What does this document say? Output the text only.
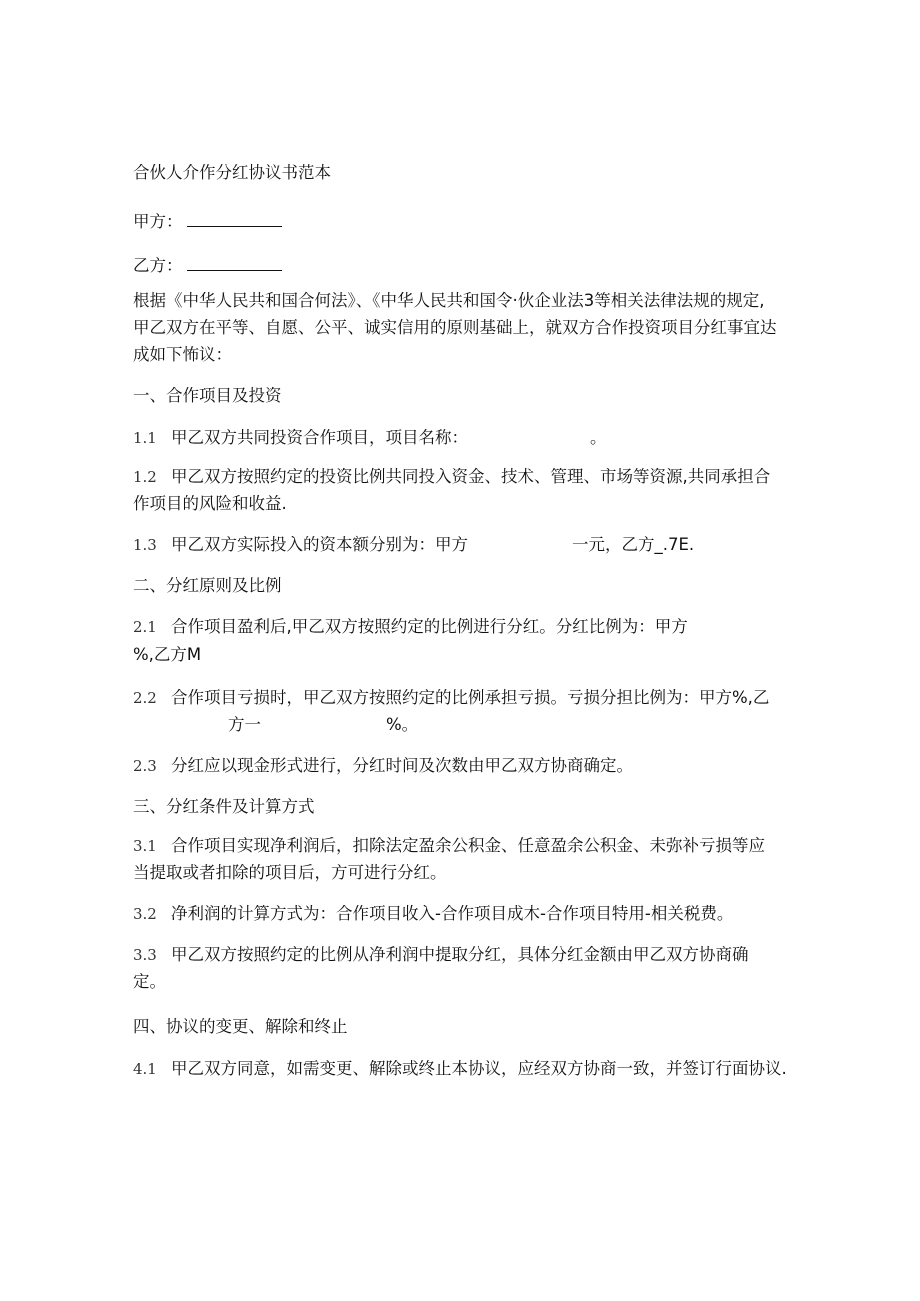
合伙人介作分红协议书范本
甲方：
乙方：
根据《中华人民共和国合何法》、《中华人民共和国令·伙企业法3等相关法律法规的规定,
甲乙双方在平等、自愿、公平、诚实信用的原则基础上，就双方合作投资项目分红事宜达
成如下怖议：
一、合作项目及投资
1.1 甲乙双方共同投资合作项目，项目名称：	。
1.2 甲乙双方按照约定的投资比例共同投入资金、技术、管理、市场等资源,共同承担合
作项目的风险和收益.
1.3 甲乙双方实际投入的资本额分别为：甲方	一元，乙方_.7E.
二、分红原则及比例
2.1 合作项目盈利后,甲乙双方按照约定的比例进行分红。分红比例为：甲方
%,乙方M
2.2 合作项目亏损时，甲乙双方按照约定的比例承担亏损。亏损分担比例为：甲方%,乙
方一	%。
2.3 分红应以现金形式进行，分红时间及次数由甲乙双方协商确定。
三、分红条件及计算方式
3.1 合作项目实现净利润后，扣除法定盈余公积金、任意盈余公积金、未弥补亏损等应
当提取或者扣除的项目后，方可进行分红。
3.2 净利润的计算方式为：合作项目收入-合作项目成木-合作项目特用-相关税费。
3.3 甲乙双方按照约定的比例从净利润中提取分红，具体分红金额由甲乙双方协商确
定。
四、协议的变更、解除和终止
4.1 甲乙双方同意，如需变更、解除或终止本协议，应经双方协商一致，并签订行面协议.
